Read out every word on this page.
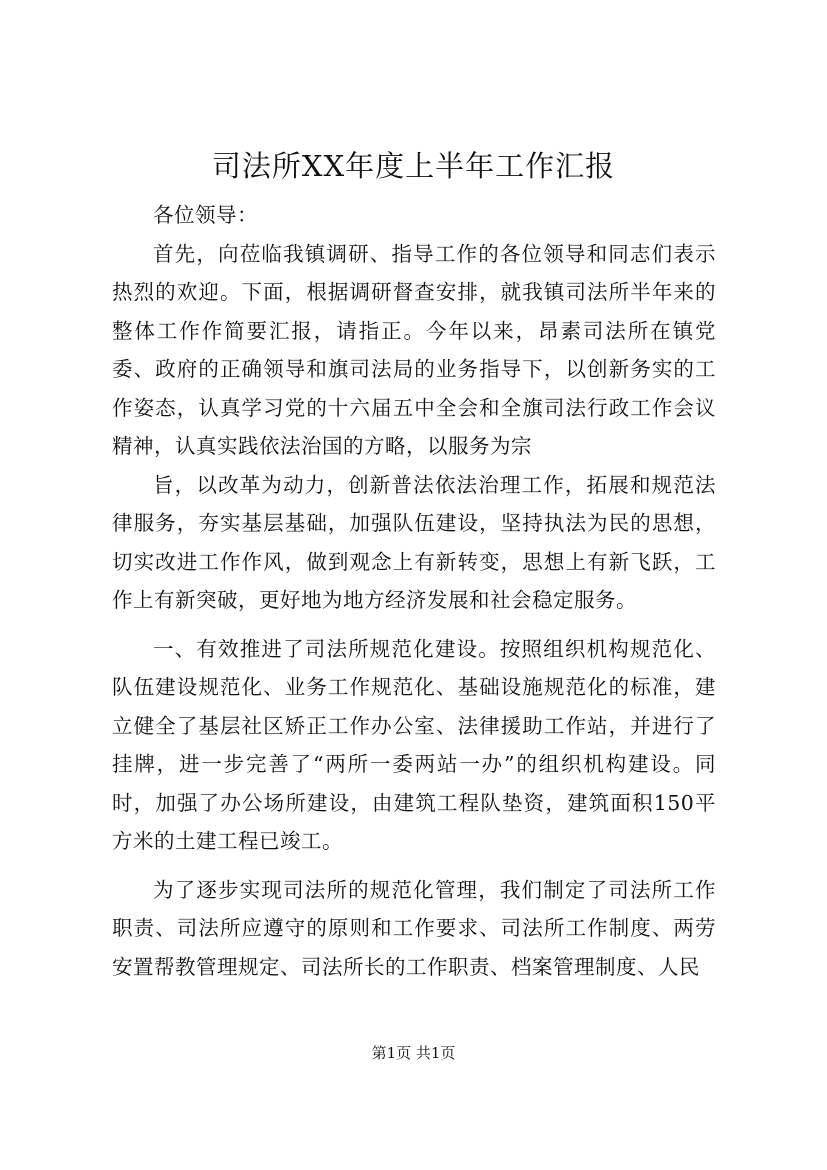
司法所XX年度上半年工作汇报

各位领导：

首先，向莅临我镇调研、指导工作的各位领导和同志们表示热烈的欢迎。下面，根据调研督查安排，就我镇司法所半年来的整体工作作简要汇报，请指正。今年以来，昂素司法所在镇党委、政府的正确领导和旗司法局的业务指导下，以创新务实的工作姿态，认真学习党的十六届五中全会和全旗司法行政工作会议精神，认真实践依法治国的方略，以服务为宗

旨，以改革为动力，创新普法依法治理工作，拓展和规范法律服务，夯实基层基础，加强队伍建设，坚持执法为民的思想，切实改进工作作风，做到观念上有新转变，思想上有新飞跃，工作上有新突破，更好地为地方经济发展和社会稳定服务。

一、有效推进了司法所规范化建设。按照组织机构规范化、队伍建设规范化、业务工作规范化、基础设施规范化的标准，建立健全了基层社区矫正工作办公室、法律援助工作站，并进行了挂牌，进一步完善了“两所一委两站一办”的组织机构建设。同时，加强了办公场所建设，由建筑工程队垫资，建筑面积150平方米的土建工程已竣工。

为了逐步实现司法所的规范化管理，我们制定了司法所工作职责、司法所应遵守的原则和工作要求、司法所工作制度、两劳安置帮教管理规定、司法所长的工作职责、档案管理制度、人民

第1页 共1页
